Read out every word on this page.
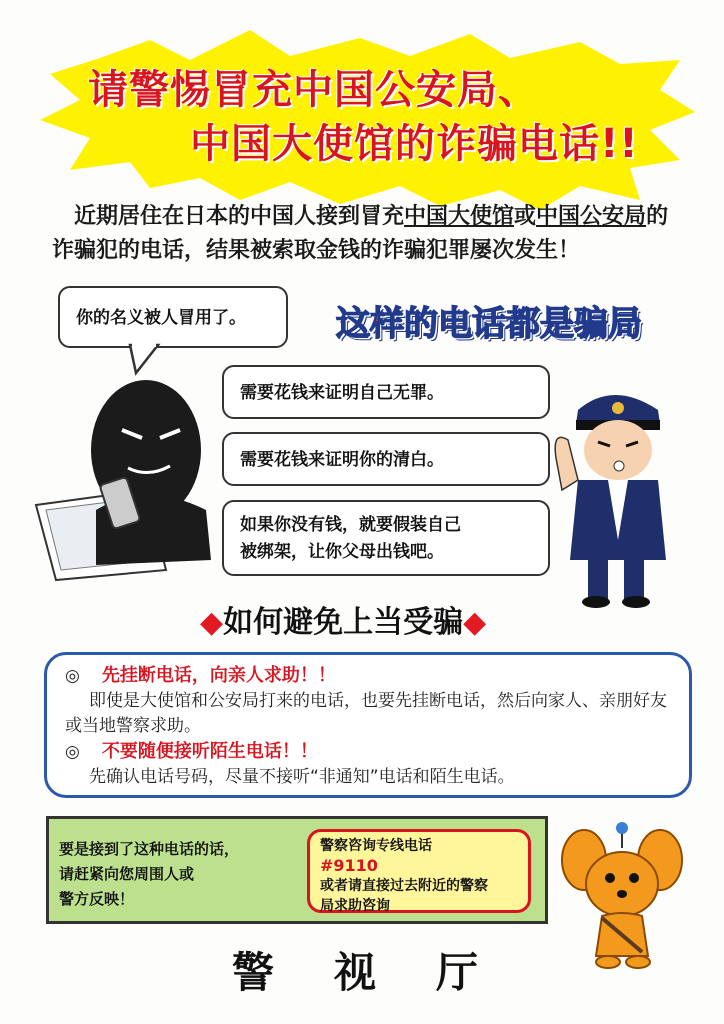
请警惕冒充中国公安局、
中国大使馆的诈骗电话!!
近期居住在日本的中国人接到冒充中国大使馆或中国公安局的诈骗犯的电话，结果被索取金钱的诈骗犯罪屡次发生！
你的名义被人冒用了。
需要花钱来证明自己无罪。
需要花钱来证明你的清白。
如果你没有钱，就要假装自己
被绑架，让你父母出钱吧。
这样的电话都是骗局
◆如何避免上当受骗◆
◎ 先挂断电话，向亲人求助！！
即使是大使馆和公安局打来的电话，也要先挂断电话，然后向家人、亲朋好友或当地警察求助。
◎ 不要随便接听陌生电话！！
先确认电话号码，尽量不接听“非通知”电话和陌生电话。
要是接到了这种电话的话，
请赶紧向您周围人或
警方反映！
警察咨询专线电话
#9110
或者请直接过去附近的警察
局求助咨询
警视厅
